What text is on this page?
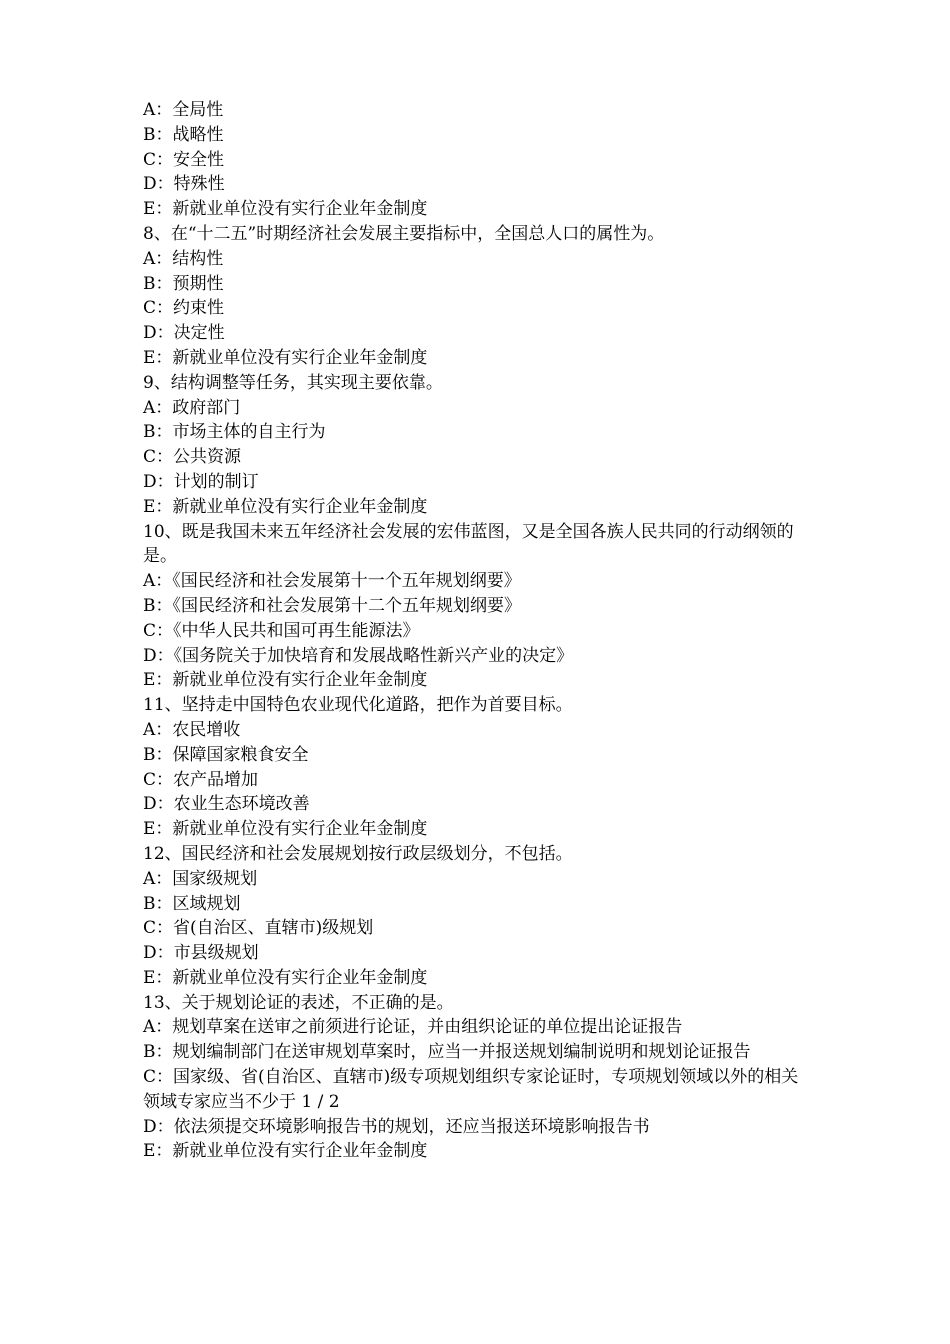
A：全局性

B：战略性

C：安全性

D：特殊性

E：新就业单位没有实行企业年金制度

8、在“十二五”时期经济社会发展主要指标中，全国总人口的属性为。

A：结构性

B：预期性

C：约束性

D：决定性

E：新就业单位没有实行企业年金制度

9、结构调整等任务，其实现主要依靠。

A：政府部门

B：市场主体的自主行为

C：公共资源

D：计划的制订

E：新就业单位没有实行企业年金制度

10、既是我国未来五年经济社会发展的宏伟蓝图，又是全国各族人民共同的行动纲领的是。

A：《国民经济和社会发展第十一个五年规划纲要》

B：《国民经济和社会发展第十二个五年规划纲要》

C：《中华人民共和国可再生能源法》

D：《国务院关于加快培育和发展战略性新兴产业的决定》

E：新就业单位没有实行企业年金制度

11、坚持走中国特色农业现代化道路，把作为首要目标。

A：农民增收

B：保障国家粮食安全

C：农产品增加

D：农业生态环境改善

E：新就业单位没有实行企业年金制度

12、国民经济和社会发展规划按行政层级划分，不包括。

A：国家级规划

B：区域规划

C：省(自治区、直辖市)级规划

D：市县级规划

E：新就业单位没有实行企业年金制度

13、关于规划论证的表述，不正确的是。

A：规划草案在送审之前须进行论证，并由组织论证的单位提出论证报告

B：规划编制部门在送审规划草案时，应当一并报送规划编制说明和规划论证报告

C：国家级、省(自治区、直辖市)级专项规划组织专家论证时，专项规划领域以外的相关领域专家应当不少于 1 / 2

D：依法须提交环境影响报告书的规划，还应当报送环境影响报告书

E：新就业单位没有实行企业年金制度
